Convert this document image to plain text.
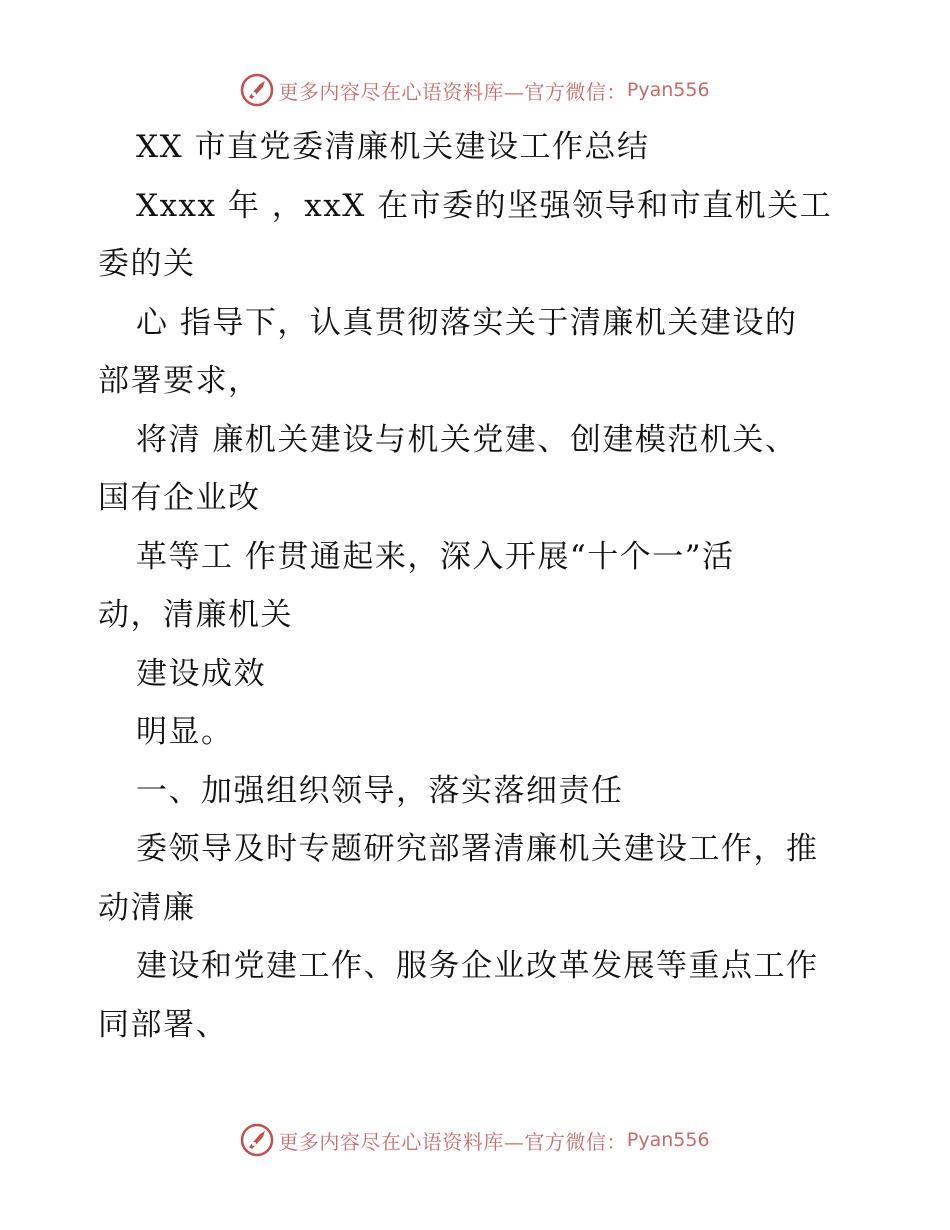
更多内容尽在心语资料库—官方微信： Pyan556
XX 市直党委清廉机关建设工作总结
Xxxx 年 ，xxX 在市委的坚强领导和市直机关工
委的关
心 指导下，认真贯彻落实关于清廉机关建设的
部署要求，
将清 廉机关建设与机关党建、创建模范机关、
国有企业改
革等工 作贯通起来，深入开展“十个一”活
动，清廉机关
建设成效
明显。
一、加强组织领导，落实落细责任
委领导及时专题研究部署清廉机关建设工作，推
动清廉
建设和党建工作、服务企业改革发展等重点工作
同部署、
更多内容尽在心语资料库—官方微信： Pyan556
